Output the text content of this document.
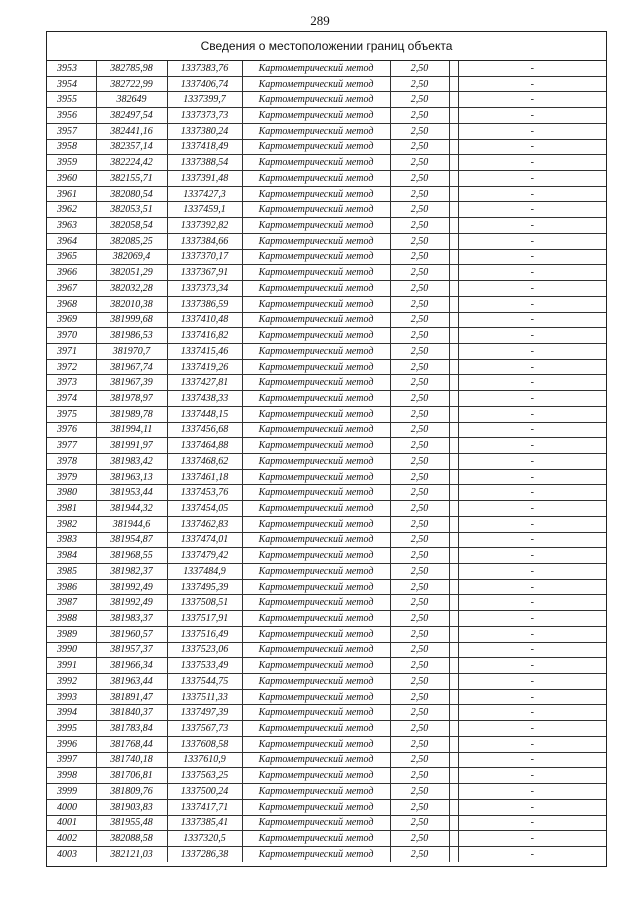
289
Сведения о местоположении границ объекта
3953	382785,98	1337383,76	Картометрический метод	2,50		-
3954	382722,99	1337406,74	Картометрический метод	2,50		-
3955	382649	1337399,7	Картометрический метод	2,50		-
3956	382497,54	1337373,73	Картометрический метод	2,50		-
3957	382441,16	1337380,24	Картометрический метод	2,50		-
3958	382357,14	1337418,49	Картометрический метод	2,50		-
3959	382224,42	1337388,54	Картометрический метод	2,50		-
3960	382155,71	1337391,48	Картометрический метод	2,50		-
3961	382080,54	1337427,3	Картометрический метод	2,50		-
3962	382053,51	1337459,1	Картометрический метод	2,50		-
3963	382058,54	1337392,82	Картометрический метод	2,50		-
3964	382085,25	1337384,66	Картометрический метод	2,50		-
3965	382069,4	1337370,17	Картометрический метод	2,50		-
3966	382051,29	1337367,91	Картометрический метод	2,50		-
3967	382032,28	1337373,34	Картометрический метод	2,50		-
3968	382010,38	1337386,59	Картометрический метод	2,50		-
3969	381999,68	1337410,48	Картометрический метод	2,50		-
3970	381986,53	1337416,82	Картометрический метод	2,50		-
3971	381970,7	1337415,46	Картометрический метод	2,50		-
3972	381967,74	1337419,26	Картометрический метод	2,50		-
3973	381967,39	1337427,81	Картометрический метод	2,50		-
3974	381978,97	1337438,33	Картометрический метод	2,50		-
3975	381989,78	1337448,15	Картометрический метод	2,50		-
3976	381994,11	1337456,68	Картометрический метод	2,50		-
3977	381991,97	1337464,88	Картометрический метод	2,50		-
3978	381983,42	1337468,62	Картометрический метод	2,50		-
3979	381963,13	1337461,18	Картометрический метод	2,50		-
3980	381953,44	1337453,76	Картометрический метод	2,50		-
3981	381944,32	1337454,05	Картометрический метод	2,50		-
3982	381944,6	1337462,83	Картометрический метод	2,50		-
3983	381954,87	1337474,01	Картометрический метод	2,50		-
3984	381968,55	1337479,42	Картометрический метод	2,50		-
3985	381982,37	1337484,9	Картометрический метод	2,50		-
3986	381992,49	1337495,39	Картометрический метод	2,50		-
3987	381992,49	1337508,51	Картометрический метод	2,50		-
3988	381983,37	1337517,91	Картометрический метод	2,50		-
3989	381960,57	1337516,49	Картометрический метод	2,50		-
3990	381957,37	1337523,06	Картометрический метод	2,50		-
3991	381966,34	1337533,49	Картометрический метод	2,50		-
3992	381963,44	1337544,75	Картометрический метод	2,50		-
3993	381891,47	1337511,33	Картометрический метод	2,50		-
3994	381840,37	1337497,39	Картометрический метод	2,50		-
3995	381783,84	1337567,73	Картометрический метод	2,50		-
3996	381768,44	1337608,58	Картометрический метод	2,50		-
3997	381740,18	1337610,9	Картометрический метод	2,50		-
3998	381706,81	1337563,25	Картометрический метод	2,50		-
3999	381809,76	1337500,24	Картометрический метод	2,50		-
4000	381903,83	1337417,71	Картометрический метод	2,50		-
4001	381955,48	1337385,41	Картометрический метод	2,50		-
4002	382088,58	1337320,5	Картометрический метод	2,50		-
4003	382121,03	1337286,38	Картометрический метод	2,50		-
